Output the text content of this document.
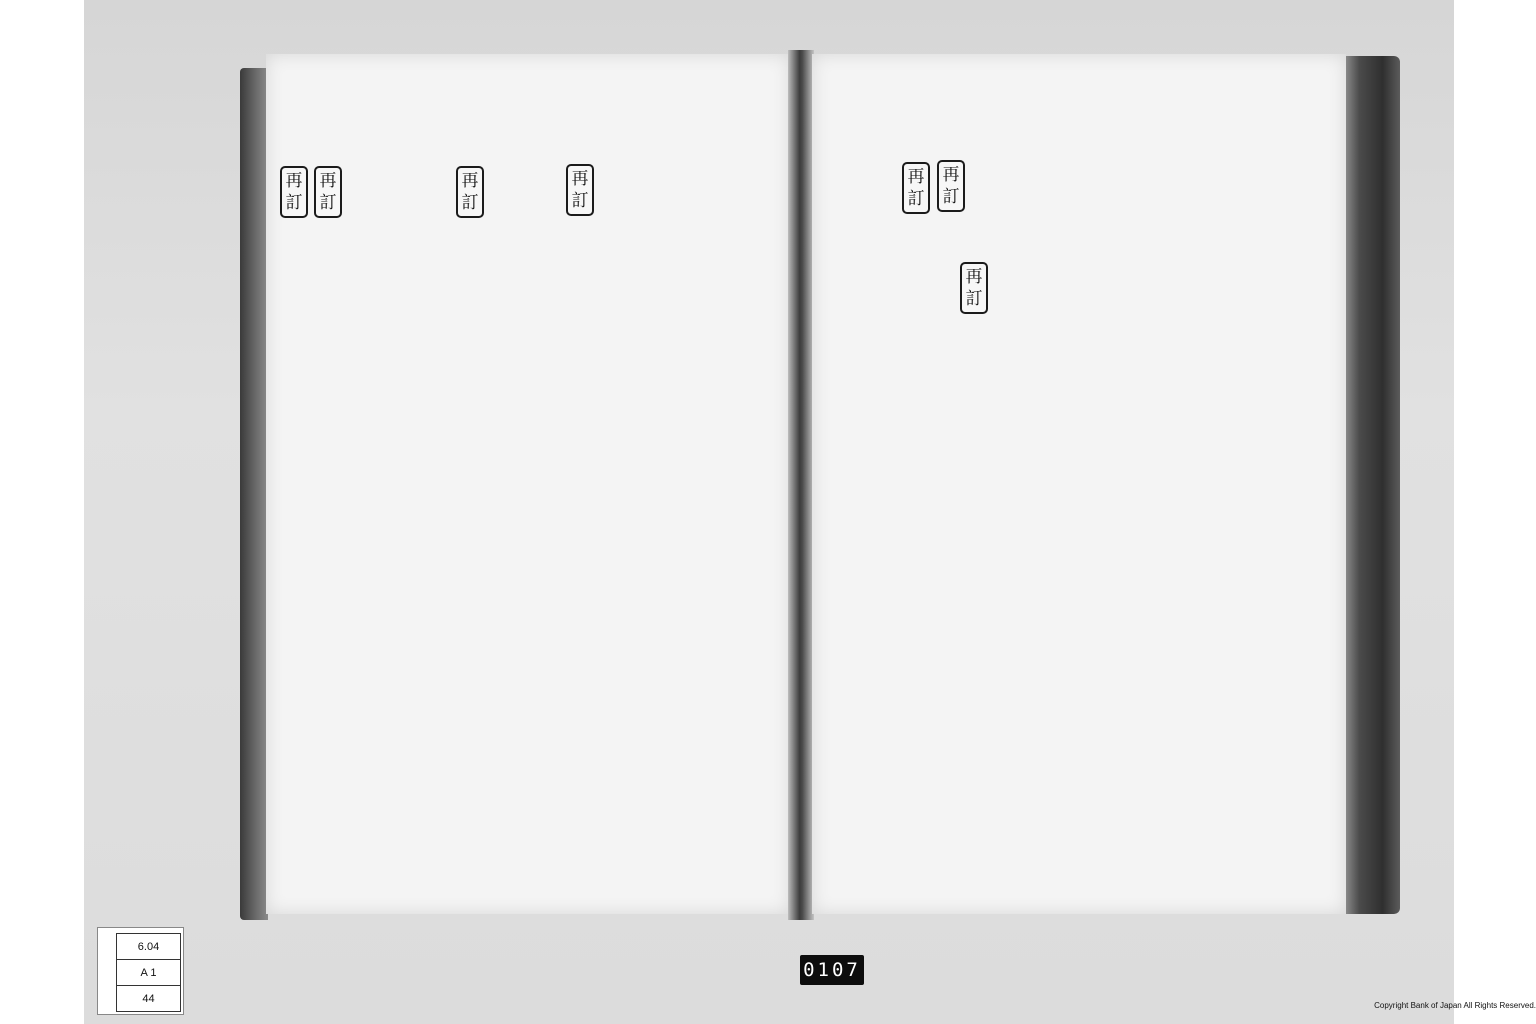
再
訂
再
訂
再
訂
再
訂
再
訂
再
訂
再
訂
6.04
A 1
44
0107
Copyright Bank of Japan All Rights Reserved.
